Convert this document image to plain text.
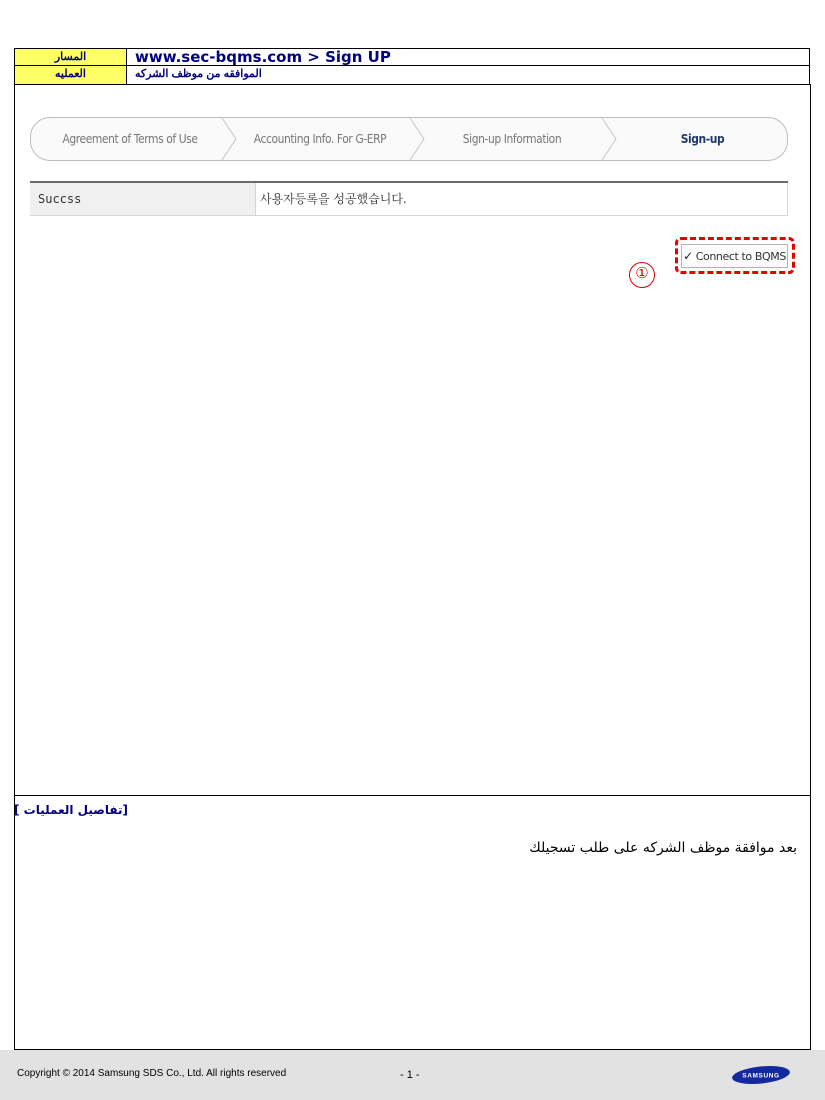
المسار	www.sec-bqms.com > Sign UP
العمليه	الموافقه من موظف الشركه
Agreement of Terms of Use	Accounting Info. For G-ERP	Sign-up Information	Sign-up
Succss	사용자등록을 성공했습니다.
✓ Connect to BQMS
①
[تفاصيل العمليات ]
بعد موافقة موظف الشركه على طلب تسجيلك
Copyright © 2014 Samsung SDS Co., Ltd. All rights reserved	- 1 -	SAMSUNG
